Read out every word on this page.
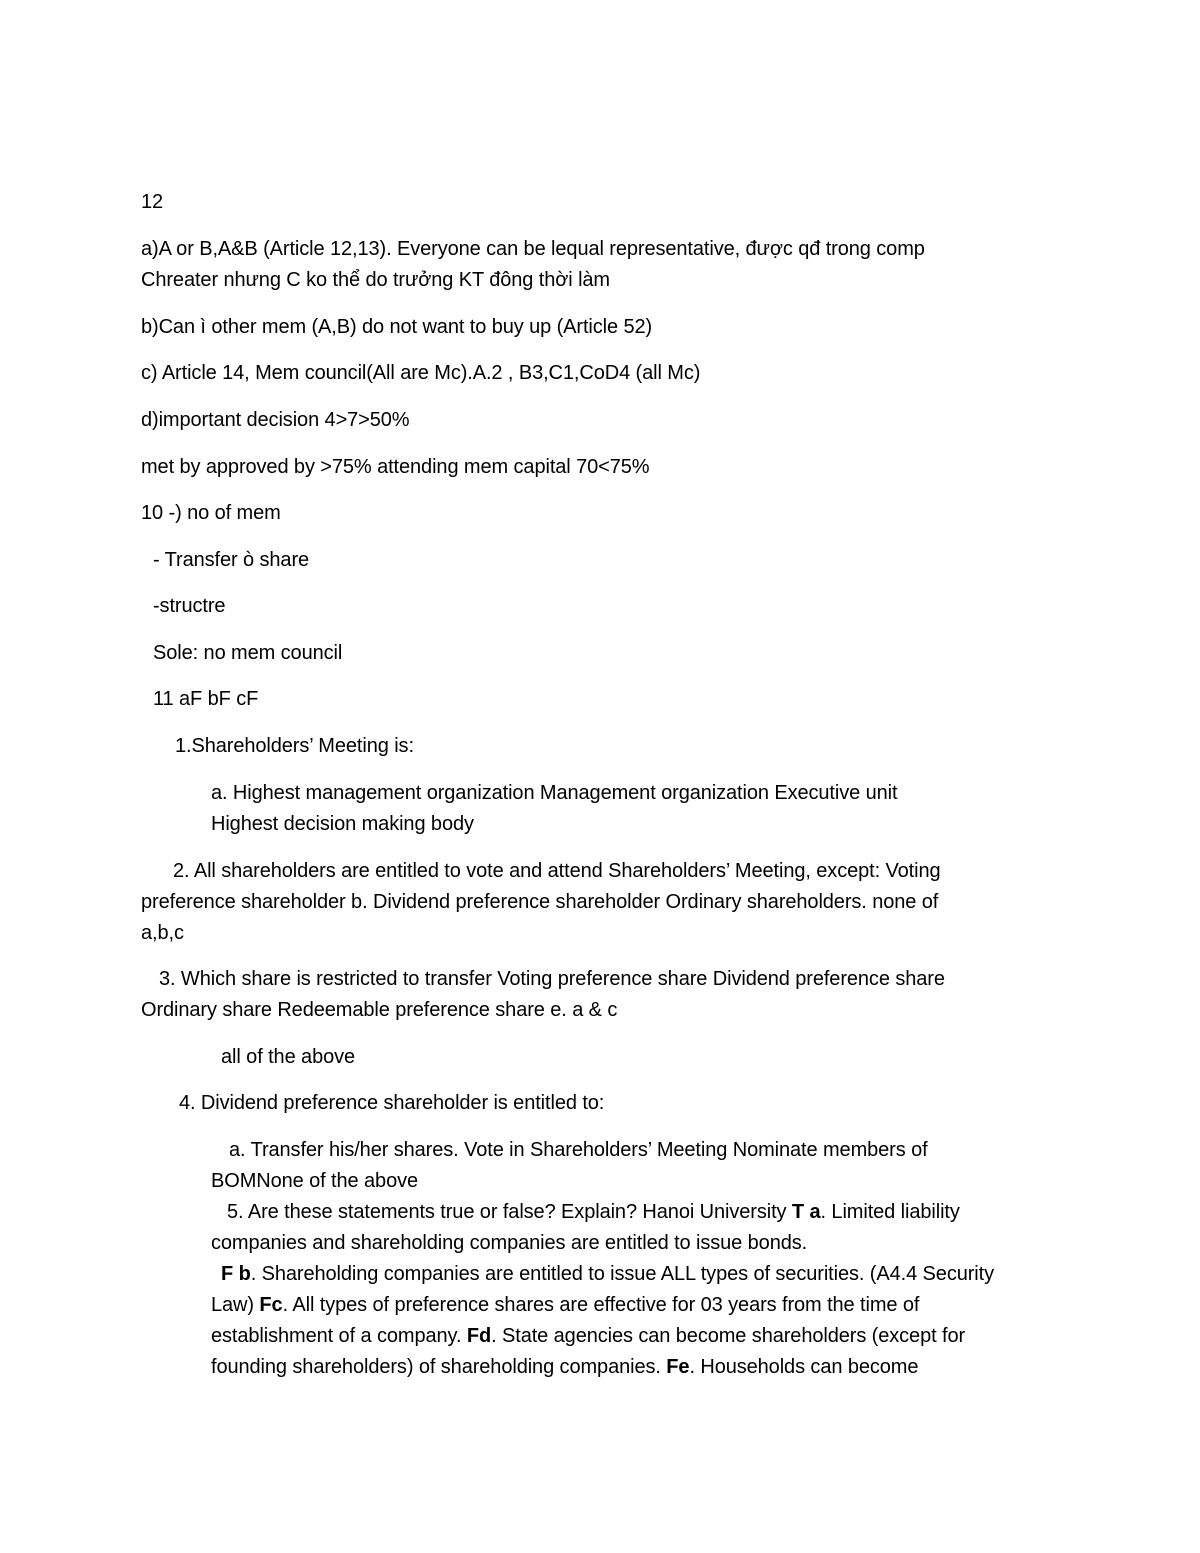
12
a)A or B,A&B (Article 12,13). Everyone can be lequal representative, được qđ trong comp
Chreater nhưng C ko thể do trưởng KT đông thời làm
b)Can ì other mem (A,B) do not want to buy up (Article 52)
c) Article 14, Mem council(All are Mc).A.2 , B3,C1,CoD4 (all Mc)
d)important decision 4>7>50%
met by approved by >75% attending mem capital 70<75%
10 -) no of mem
- Transfer ò share
-structre
Sole: no mem council
11 aF bF cF
1.Shareholders’ Meeting is:
a. Highest management organization Management organization Executive unit
Highest decision making body
2. All shareholders are entitled to vote and attend Shareholders’ Meeting, except: Voting
preference shareholder b. Dividend preference shareholder Ordinary shareholders. none of
a,b,c
3. Which share is restricted to transfer Voting preference share Dividend preference share
Ordinary share Redeemable preference share e. a & c
all of the above
4. Dividend preference shareholder is entitled to:
a. Transfer his/her shares. Vote in Shareholders’ Meeting Nominate members of
BOMNone of the above
5. Are these statements true or false? Explain? Hanoi University T a. Limited liability
companies and shareholding companies are entitled to issue bonds.
F b. Shareholding companies are entitled to issue ALL types of securities. (A4.4 Security
Law) Fc. All types of preference shares are effective for 03 years from the time of
establishment of a company. Fd. State agencies can become shareholders (except for
founding shareholders) of shareholding companies. Fe. Households can become
